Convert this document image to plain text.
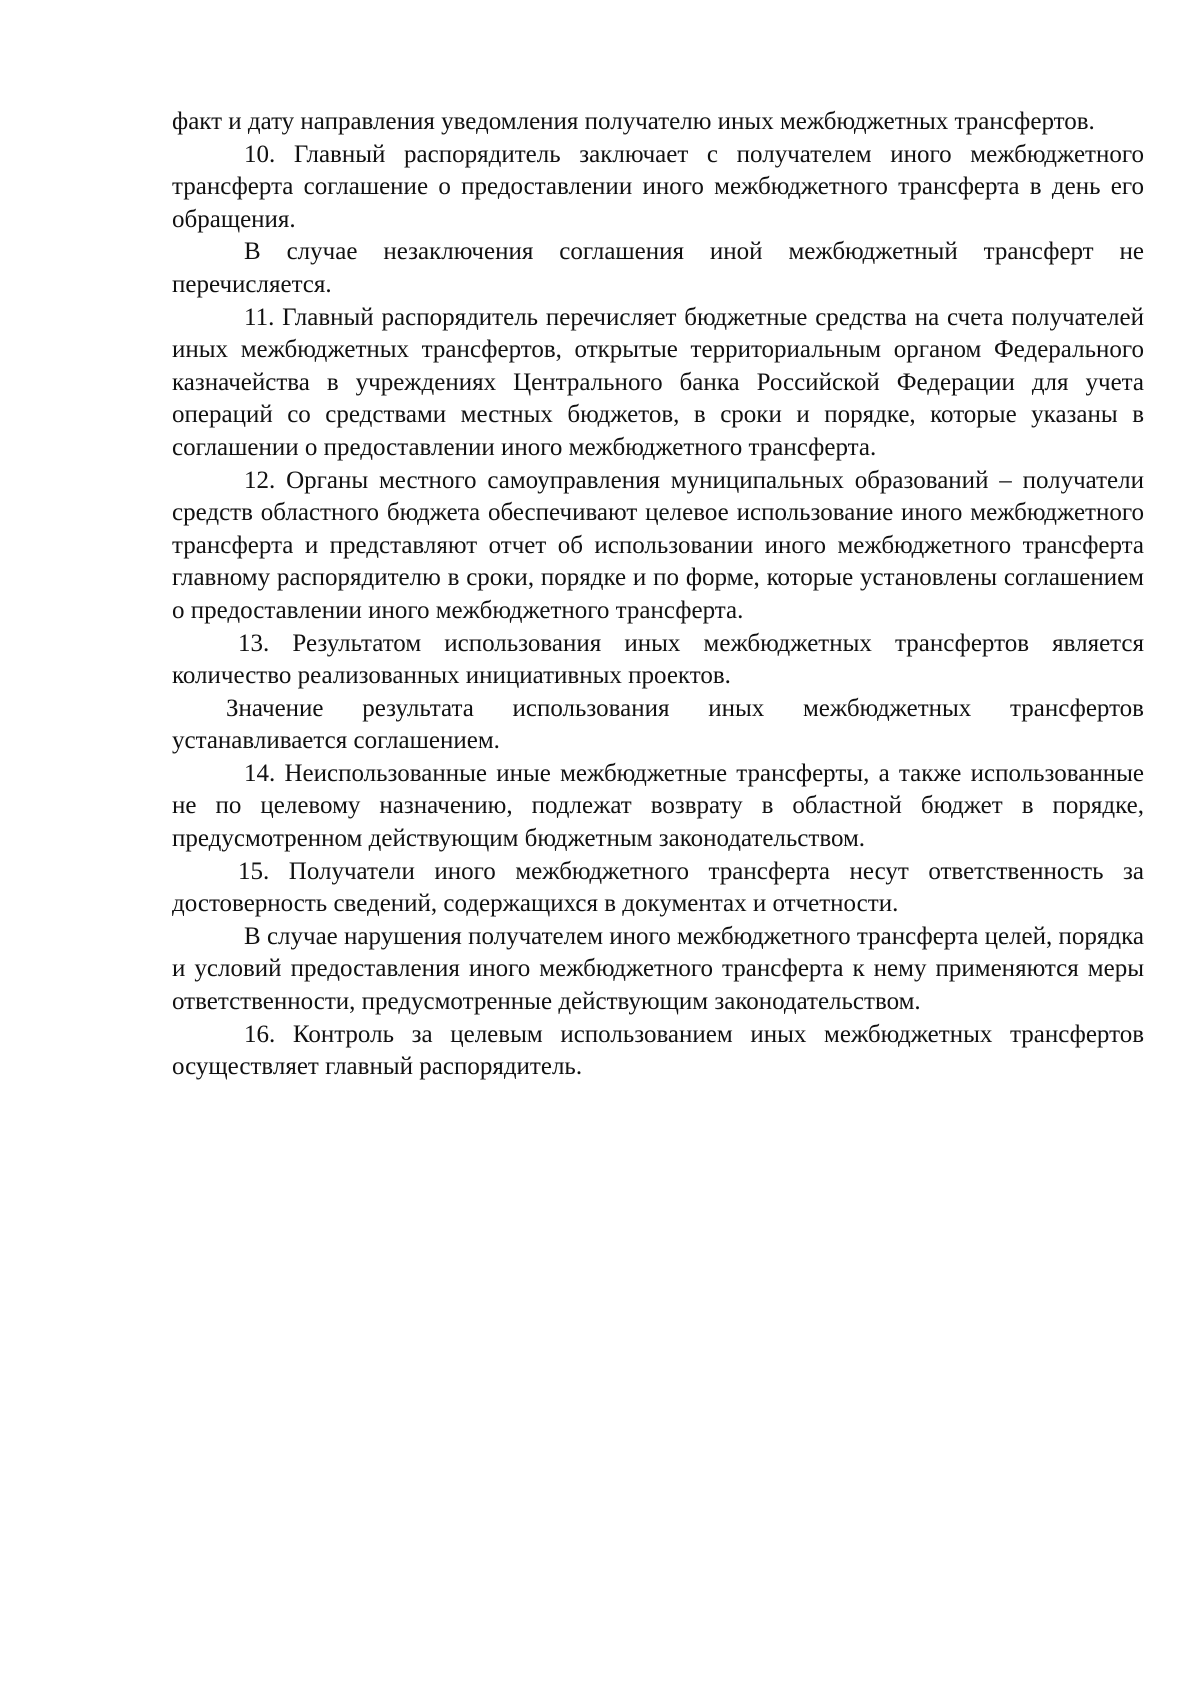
факт и дату направления уведомления получателю иных межбюджетных трансфертов.

10. Главный распорядитель заключает с получателем иного межбюджетного трансферта соглашение о предоставлении иного межбюджетного трансферта в день его обращения.

В случае незаключения соглашения иной межбюджетный трансферт не перечисляется.

11. Главный распорядитель перечисляет бюджетные средства на счета получателей иных межбюджетных трансфертов, открытые территориальным органом Федерального казначейства в учреждениях Центрального банка Российской Федерации для учета операций со средствами местных бюджетов, в сроки и порядке, которые указаны в соглашении о предоставлении иного межбюджетного трансферта.

12. Органы местного самоуправления муниципальных образований – получатели средств областного бюджета обеспечивают целевое использование иного межбюджетного трансферта и представляют отчет об использовании иного межбюджетного трансферта главному распорядителю в сроки, порядке и по форме, которые установлены соглашением о предоставлении иного межбюджетного трансферта.

13. Результатом использования иных межбюджетных трансфертов является количество реализованных инициативных проектов.

Значение результата использования иных межбюджетных трансфертов устанавливается соглашением.

14. Неиспользованные иные межбюджетные трансферты, а также использованные не по целевому назначению, подлежат возврату в областной бюджет в порядке, предусмотренном действующим бюджетным законодательством.

15. Получатели иного межбюджетного трансферта несут ответственность за достоверность сведений, содержащихся в документах и отчетности.

В случае нарушения получателем иного межбюджетного трансферта целей, порядка и условий предоставления иного межбюджетного трансферта к нему применяются меры ответственности, предусмотренные действующим законодательством.

16. Контроль за целевым использованием иных межбюджетных трансфертов осуществляет главный распорядитель.
